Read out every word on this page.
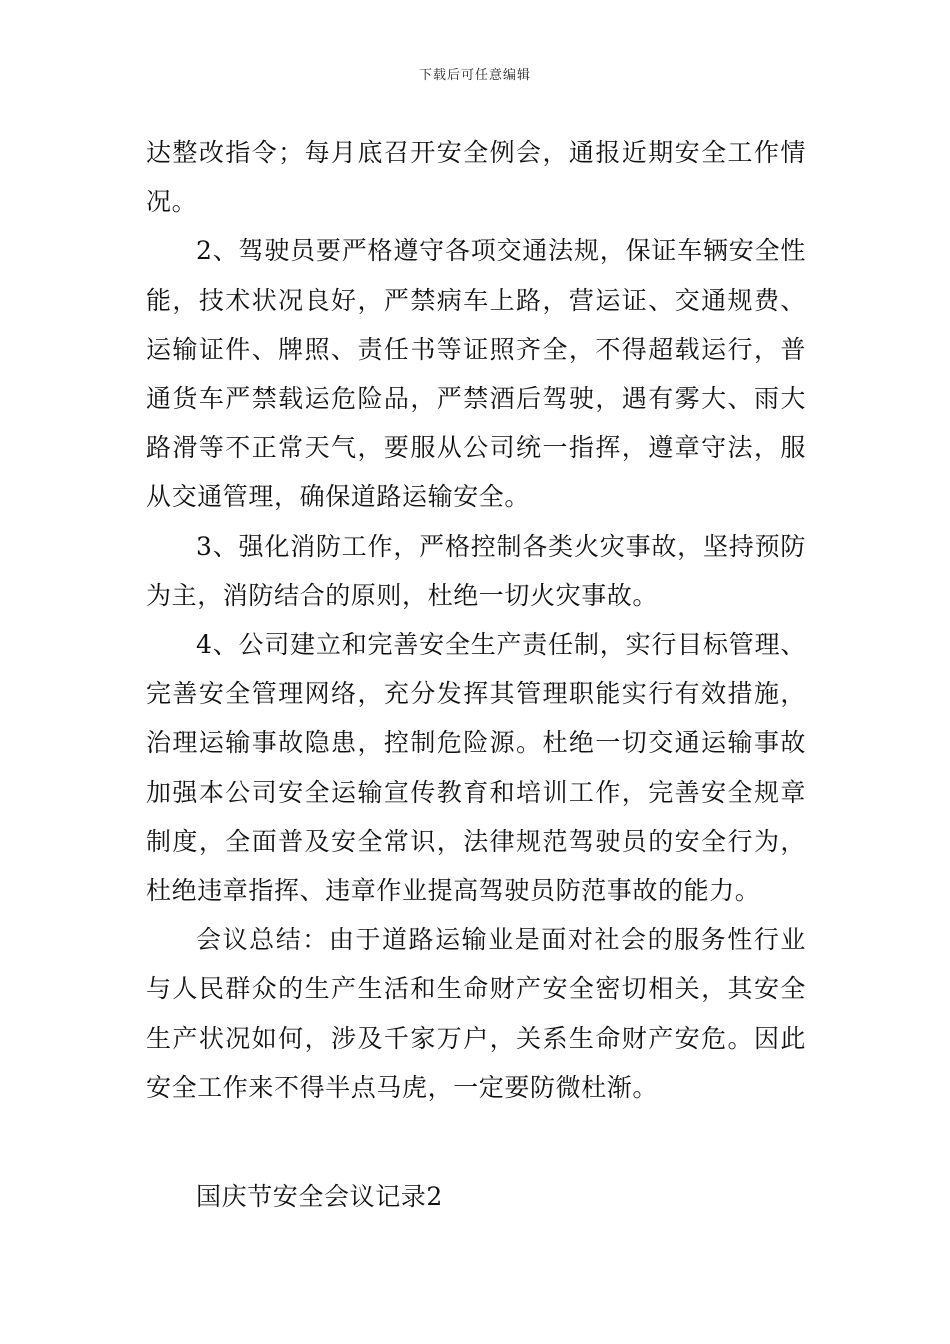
下载后可任意编辑

达整改指令；每月底召开安全例会，通报近期安全工作情况。

2、驾驶员要严格遵守各项交通法规，保证车辆安全性能，技术状况良好，严禁病车上路，营运证、交通规费、运输证件、牌照、责任书等证照齐全，不得超载运行，普通货车严禁载运危险品，严禁酒后驾驶，遇有雾大、雨大路滑等不正常天气，要服从公司统一指挥，遵章守法，服从交通管理，确保道路运输安全。

3、强化消防工作，严格控制各类火灾事故，坚持预防为主，消防结合的原则，杜绝一切火灾事故。

4、公司建立和完善安全生产责任制，实行目标管理、完善安全管理网络，充分发挥其管理职能实行有效措施，治理运输事故隐患，控制危险源。杜绝一切交通运输事故加强本公司安全运输宣传教育和培训工作，完善安全规章制度，全面普及安全常识，法律规范驾驶员的安全行为，杜绝违章指挥、违章作业提高驾驶员防范事故的能力。

会议总结：由于道路运输业是面对社会的服务性行业与人民群众的生产生活和生命财产安全密切相关，其安全生产状况如何，涉及千家万户，关系生命财产安危。因此安全工作来不得半点马虎，一定要防微杜渐。

国庆节安全会议记录2
